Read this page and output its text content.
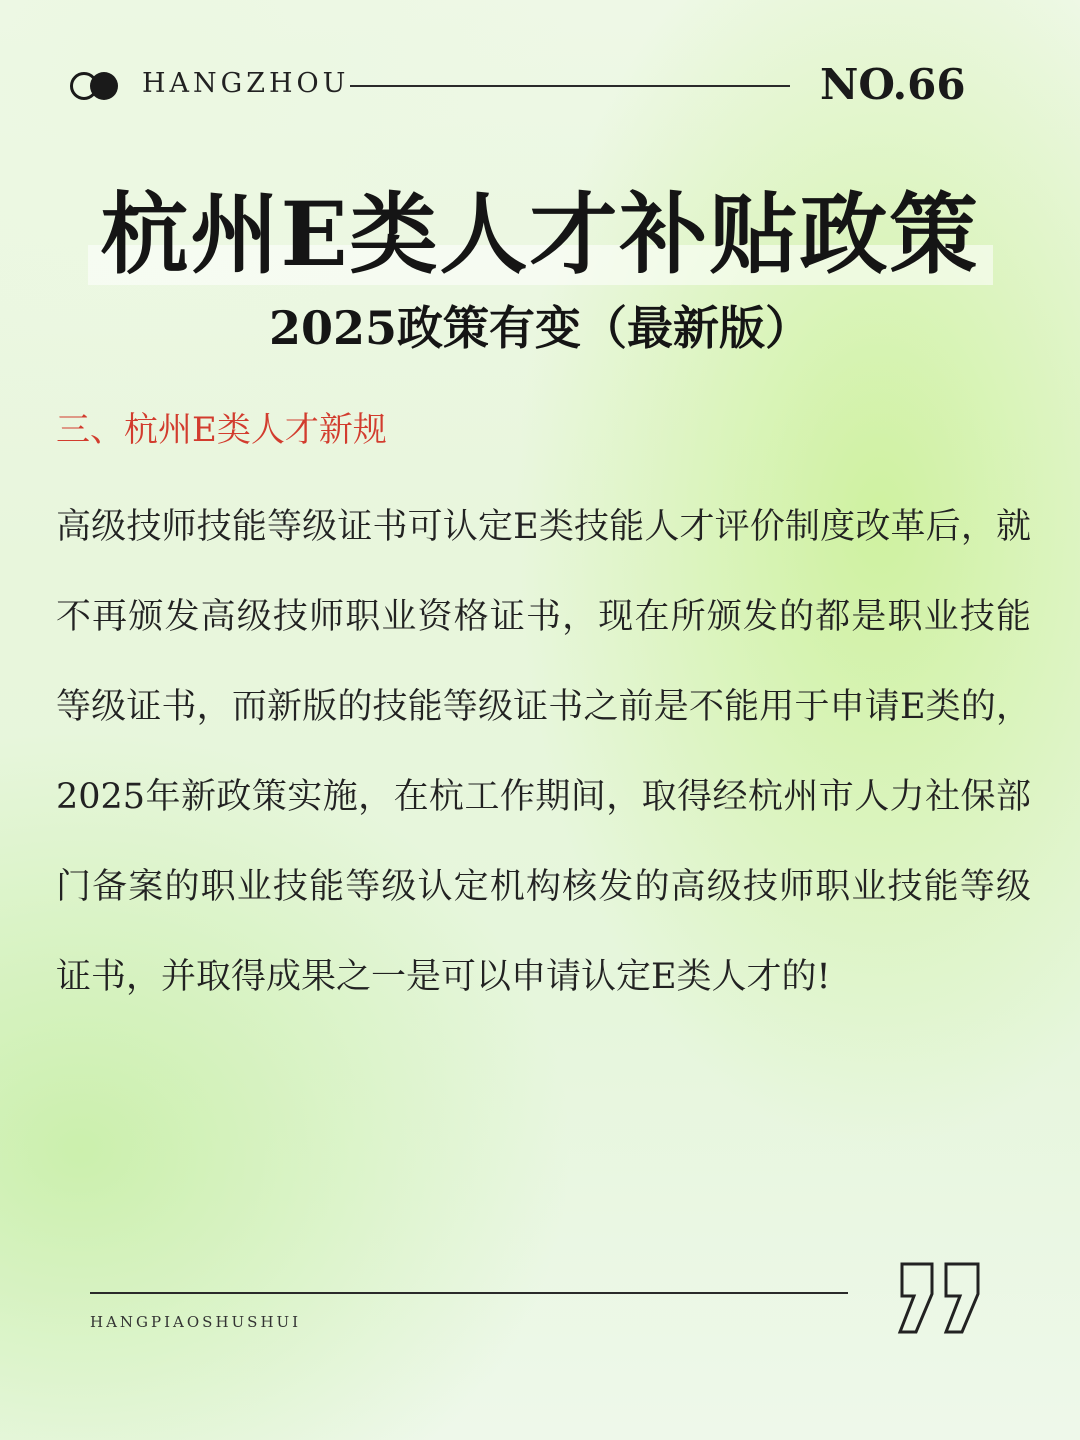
HANGZHOU	NO.66
杭州E类人才补贴政策
2025政策有变（最新版）
三、杭州E类人才新规
高级技师技能等级证书可认定E类技能人才评价制度改革后，就不再颁发高级技师职业资格证书，现在所颁发的都是职业技能等级证书，而新版的技能等级证书之前是不能用于申请E类的，2025年新政策实施，在杭工作期间，取得经杭州市人力社保部门备案的职业技能等级认定机构核发的高级技师职业技能等级证书，并取得成果之一是可以申请认定E类人才的!
HANGPIAOSHUSHUI
